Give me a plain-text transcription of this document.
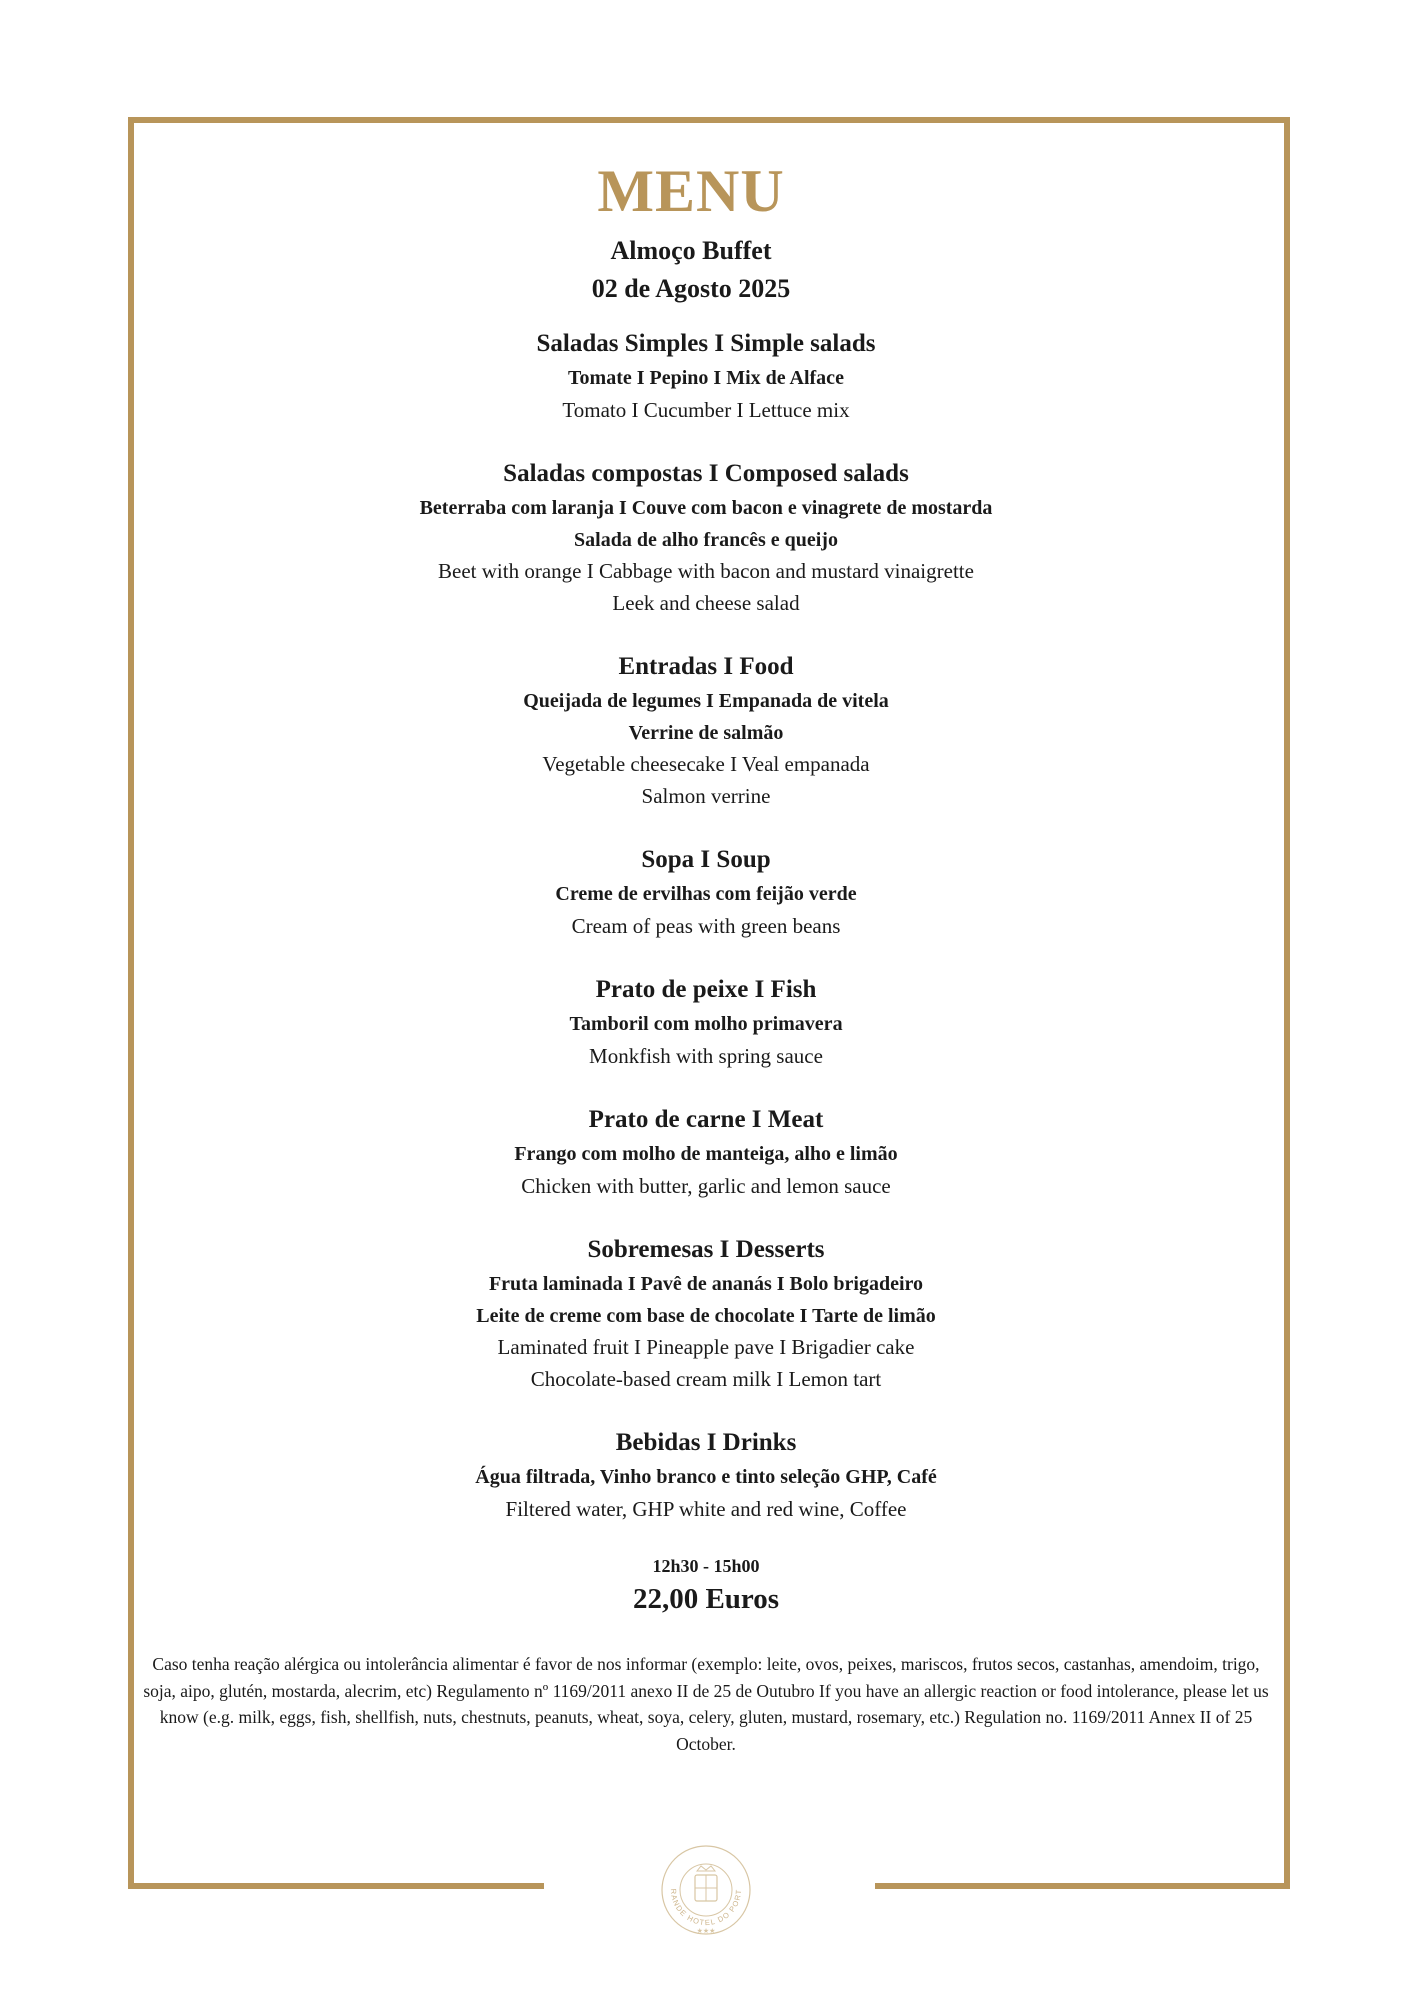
MENU
Almoço Buffet
02 de Agosto 2025
Saladas Simples I Simple salads
Tomate I Pepino I Mix de Alface
Tomato I Cucumber I Lettuce mix
Saladas compostas I Composed salads
Beterraba com laranja I Couve com bacon e vinagrete de mostarda
Salada de alho francês e queijo
Beet with orange I Cabbage with bacon and mustard vinaigrette
Leek and cheese salad
Entradas I Food
Queijada de legumes I Empanada de vitela
Verrine de salmão
Vegetable cheesecake I Veal empanada
Salmon verrine
Sopa I Soup
Creme de ervilhas com feijão verde
Cream of peas with green beans
Prato de peixe I Fish
Tamboril com molho primavera
Monkfish with spring sauce
Prato de carne I Meat
Frango com molho de manteiga, alho e limão
Chicken with butter, garlic and lemon sauce
Sobremesas I Desserts
Fruta laminada I Pavê de ananás I Bolo brigadeiro
Leite de creme com base de chocolate I Tarte de limão
Laminated fruit I Pineapple pave I Brigadier cake
Chocolate-based cream milk I Lemon tart
Bebidas I Drinks
Água filtrada, Vinho branco e tinto seleção GHP, Café
Filtered water, GHP white and red wine, Coffee
12h30 - 15h00
22,00 Euros
Caso tenha reação alérgica ou intolerância alimentar é favor de nos informar (exemplo: leite, ovos, peixes, mariscos, frutos secos, castanhas, amendoim, trigo, soja, aipo, glutén, mostarda, alecrim, etc) Regulamento nº 1169/2011 anexo II de 25 de Outubro If you have an allergic reaction or food intolerance, please let us know (e.g. milk, eggs, fish, shellfish, nuts, chestnuts, peanuts, wheat, soya, celery, gluten, mustard, rosemary, etc.) Regulation no. 1169/2011 Annex II of 25 October.
RANDE HOTEL DO PORT
★★★
